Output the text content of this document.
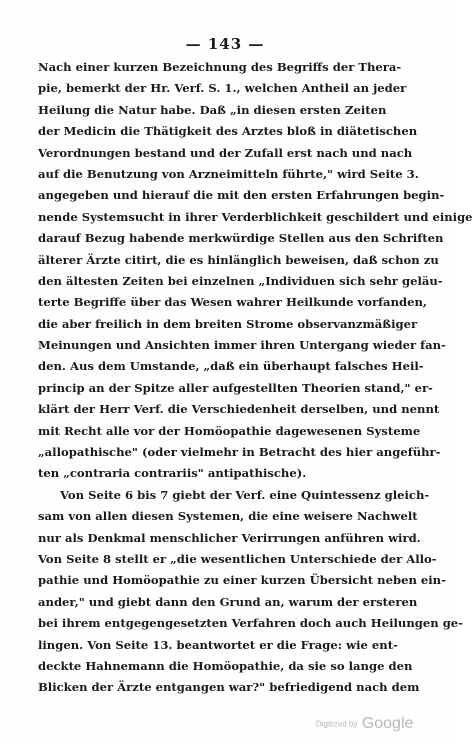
— 143 —
Nach einer kurzen Bezeichnung des Begriffs der Thera-
pie, bemerkt der Hr. Verf. S. 1., welchen Antheil an jeder
Heilung die Natur habe. Daß „in diesen ersten Zeiten
der Medicin die Thätigkeit des Arztes bloß in diätetischen
Verordnungen bestand und der Zufall erst nach und nach
auf die Benutzung von Arzneimitteln führte," wird Seite 3.
angegeben und hierauf die mit den ersten Erfahrungen begin-
nende Systemsucht in ihrer Verderblichkeit geschildert und einige
darauf Bezug habende merkwürdige Stellen aus den Schriften
älterer Ärzte citirt, die es hinlänglich beweisen, daß schon zu
den ältesten Zeiten bei einzelnen „Individuen sich sehr geläu-
terte Begriffe über das Wesen wahrer Heilkunde vorfanden,
die aber freilich in dem breiten Strome observanzmäßiger
Meinungen und Ansichten immer ihren Untergang wieder fan-
den. Aus dem Umstande, „daß ein überhaupt falsches Heil-
princip an der Spitze aller aufgestellten Theorien stand," er-
klärt der Herr Verf. die Verschiedenheit derselben, und nennt
mit Recht alle vor der Homöopathie dagewesenen Systeme
„allopathische" (oder vielmehr in Betracht des hier angeführ-
ten „contraria contrariis" antipathische).
Von Seite 6 bis 7 giebt der Verf. eine Quintessenz gleich-
sam von allen diesen Systemen, die eine weisere Nachwelt
nur als Denkmal menschlicher Verirrungen anführen wird.
Von Seite 8 stellt er „die wesentlichen Unterschiede der Allo-
pathie und Homöopathie zu einer kurzen Übersicht neben ein-
ander," und giebt dann den Grund an, warum der ersteren
bei ihrem entgegengesetzten Verfahren doch auch Heilungen ge-
lingen. Von Seite 13. beantwortet er die Frage: wie ent-
deckte Hahnemann die Homöopathie, da sie so lange den
Blicken der Ärzte entgangen war?" befriedigend nach dem
Digitized by Google
